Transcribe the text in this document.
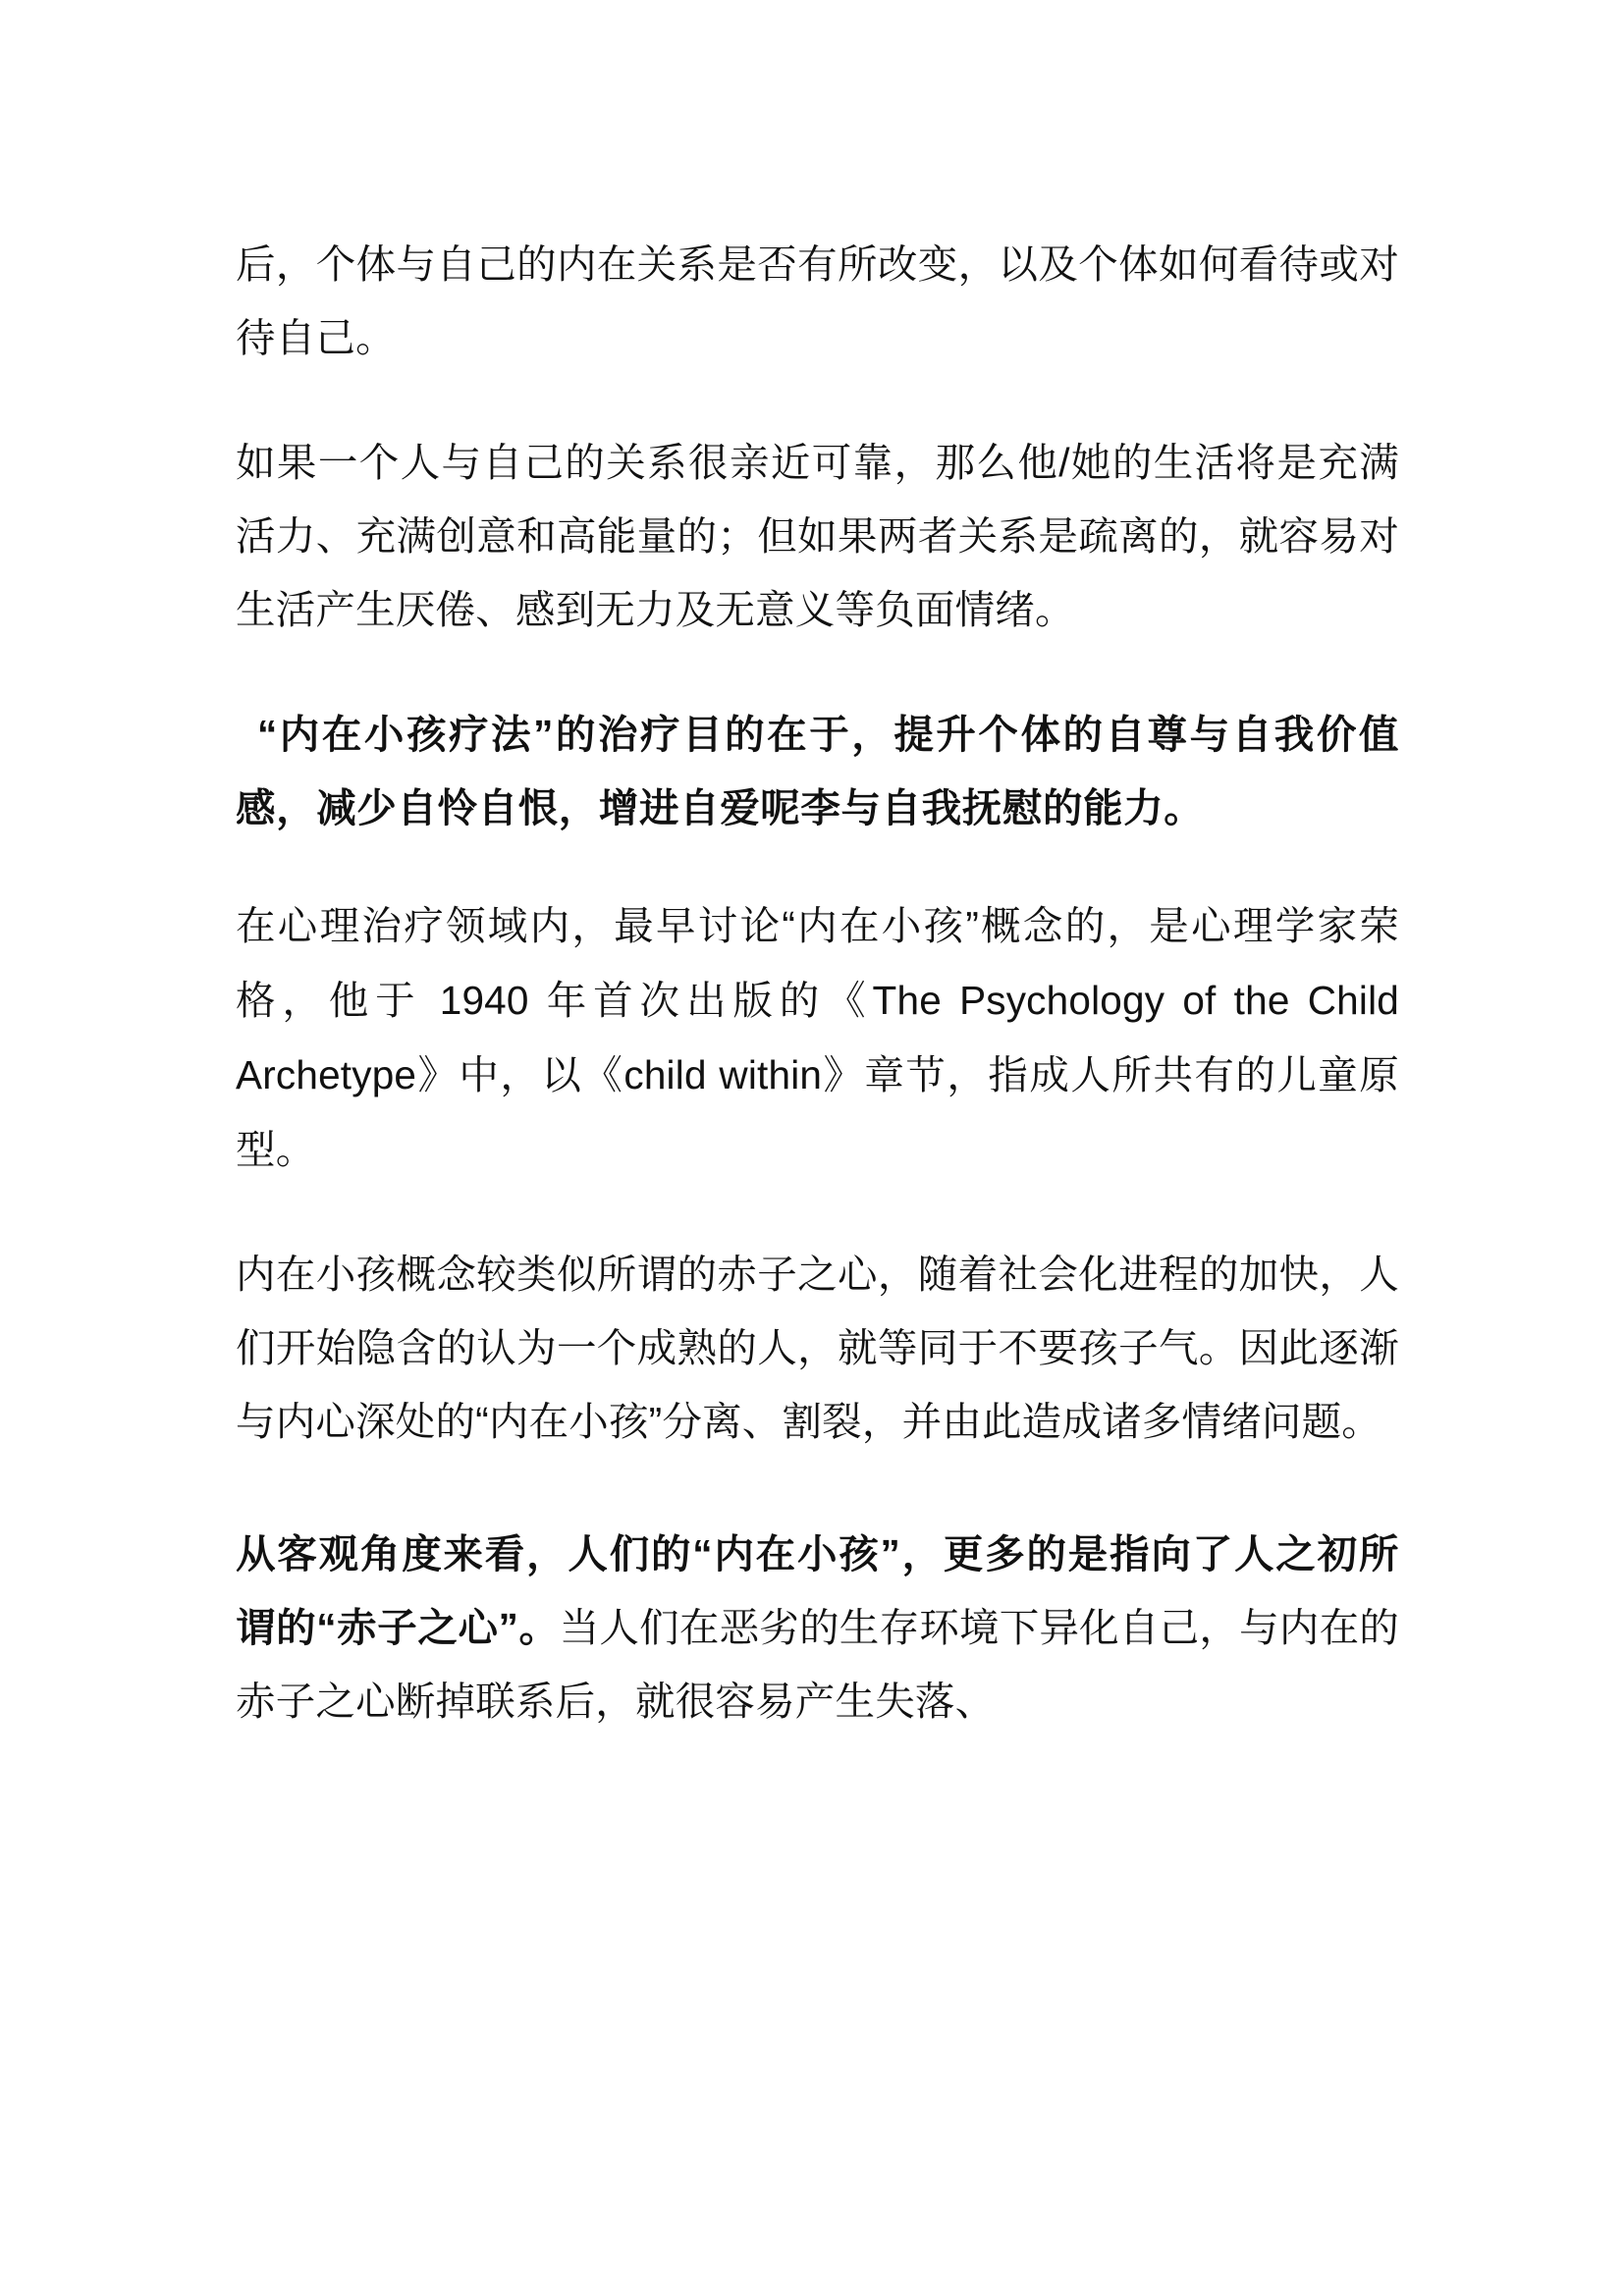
后，个体与自己的内在关系是否有所改变，以及个体如何看待或对待自己。

如果一个人与自己的关系很亲近可靠，那么他/她的生活将是充满活力、充满创意和高能量的；但如果两者关系是疏离的，就容易对生活产生厌倦、感到无力及无意义等负面情绪。

“内在小孩疗法”的治疗目的在于，提升个体的自尊与自我价值感，减少自怜自恨，增进自爱呢李与自我抚慰的能力。

在心理治疗领域内，最早讨论“内在小孩”概念的，是心理学家荣格，他于 1940 年首次出版的《The Psychology of the Child Archetype》中，以《child within》章节，指成人所共有的儿童原型。

内在小孩概念较类似所谓的赤子之心，随着社会化进程的加快，人们开始隐含的认为一个成熟的人，就等同于不要孩子气。因此逐渐与内心深处的“内在小孩”分离、割裂，并由此造成诸多情绪问题。

从客观角度来看，人们的“内在小孩”，更多的是指向了人之初所谓的“赤子之心”。当人们在恶劣的生存环境下异化自己，与内在的赤子之心断掉联系后，就很容易产生失落、
